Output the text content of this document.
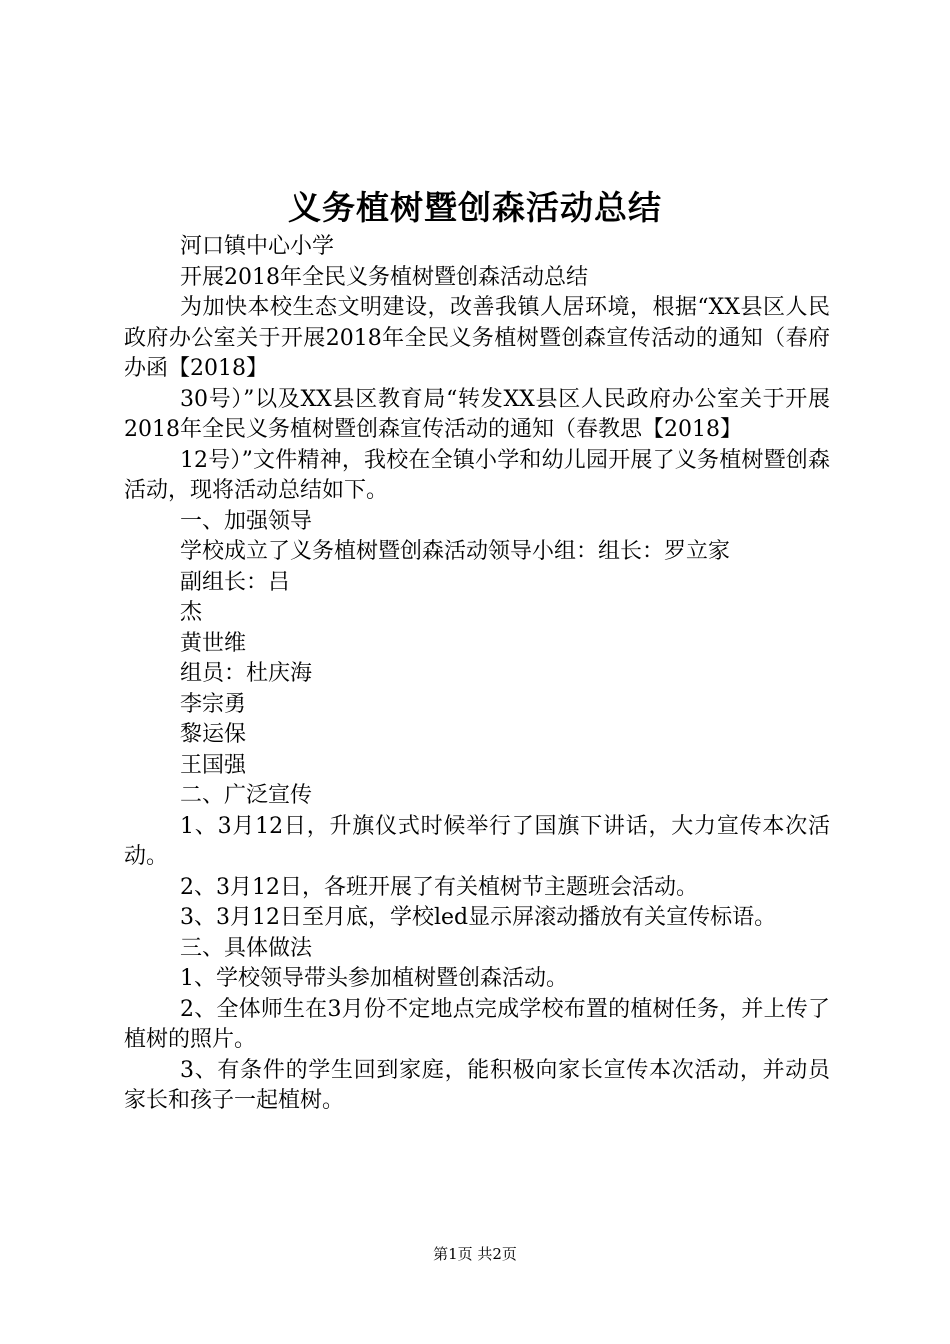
义务植树暨创森活动总结

河口镇中心小学

开展2018年全民义务植树暨创森活动总结

为加快本校生态文明建设，改善我镇人居环境，根据“XX县区人民政府办公室关于开展2018年全民义务植树暨创森宣传活动的通知（春府办函【2018】

30号）”以及XX县区教育局“转发XX县区人民政府办公室关于开展2018年全民义务植树暨创森宣传活动的通知（春教思【2018】

12号）”文件精神，我校在全镇小学和幼儿园开展了义务植树暨创森活动，现将活动总结如下。

一、加强领导

学校成立了义务植树暨创森活动领导小组：组长：罗立家

副组长：吕

杰

黄世维

组员：杜庆海

李宗勇

黎运保

王国强

二、广泛宣传

1、3月12日，升旗仪式时候举行了国旗下讲话，大力宣传本次活动。

2、3月12日，各班开展了有关植树节主题班会活动。

3、3月12日至月底，学校led显示屏滚动播放有关宣传标语。

三、具体做法

1、学校领导带头参加植树暨创森活动。

2、全体师生在3月份不定地点完成学校布置的植树任务，并上传了植树的照片。

3、有条件的学生回到家庭，能积极向家长宣传本次活动，并动员家长和孩子一起植树。

第1页 共2页
